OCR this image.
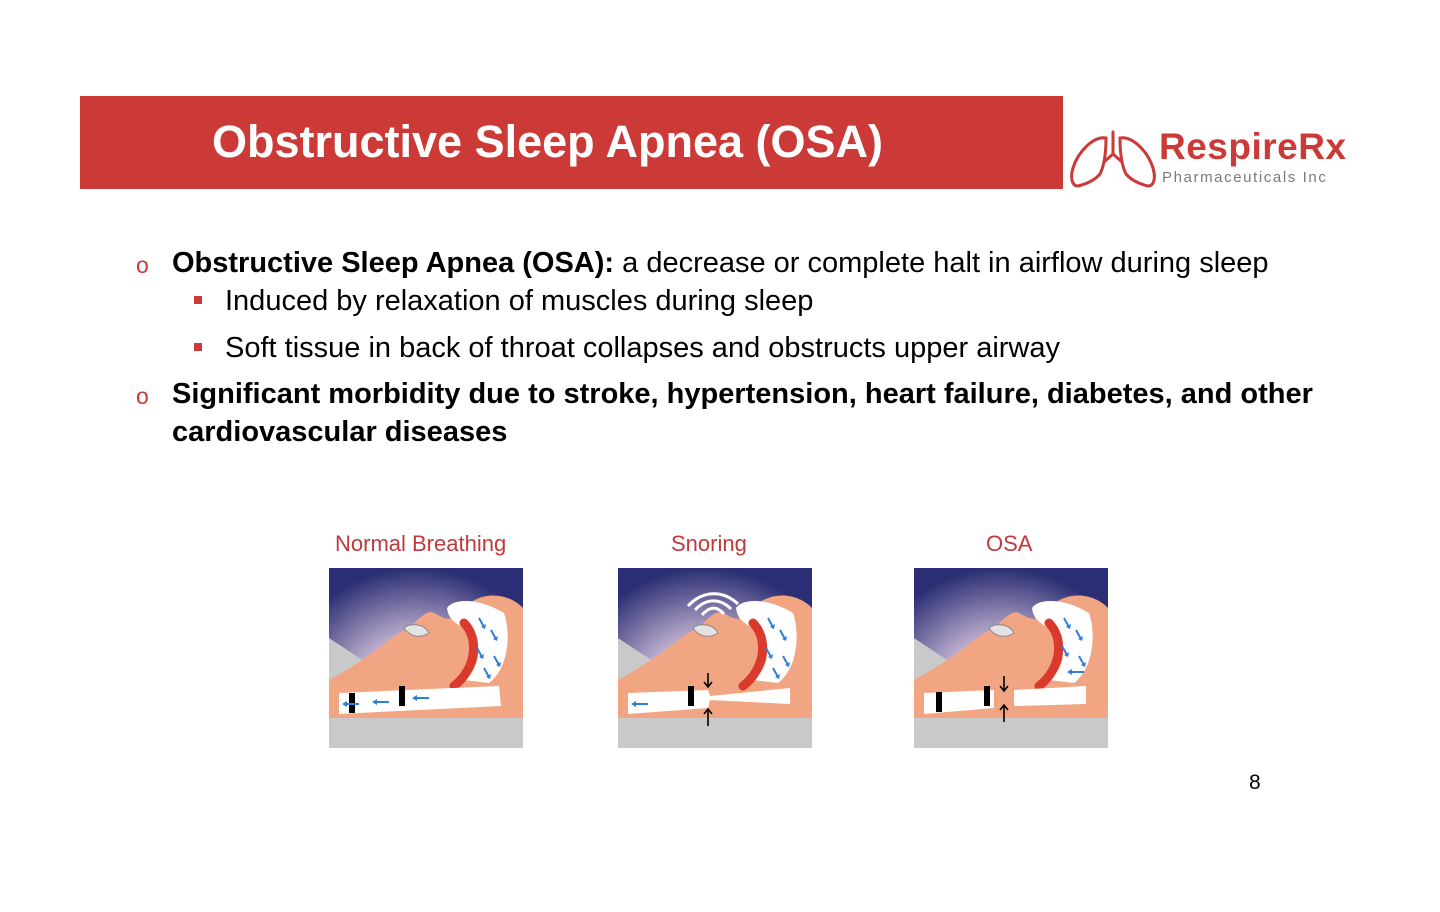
Obstructive Sleep Apnea (OSA)	RespireRx
Pharmaceuticals Inc
o Obstructive Sleep Apnea (OSA): a decrease or complete halt in airflow during sleep
Induced by relaxation of muscles during sleep
Soft tissue in back of throat collapses and obstructs upper airway
o Significant morbidity due to stroke, hypertension, heart failure, diabetes, and other cardiovascular diseases
Normal Breathing	Snoring	OSA
8
